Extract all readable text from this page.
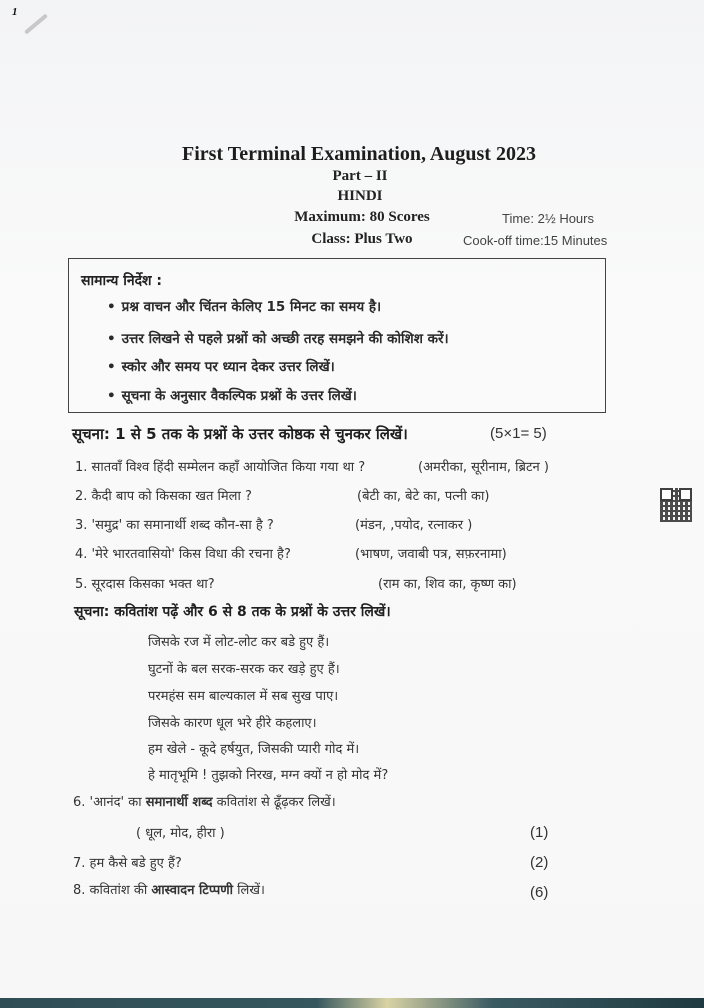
1
First Terminal Examination, August 2023
Part – II
HINDI
Maximum: 80 Scores
Class: Plus Two
Time: 2½ Hours
Cook-off time:15 Minutes
सामान्य निर्देश :
• प्रश्न वाचन और चिंतन केलिए 15 मिनट का समय है।
• उत्तर लिखने से पहले प्रश्नों को अच्छी तरह समझने की कोशिश करें।
• स्कोर और समय पर ध्यान देकर उत्तर लिखें।
• सूचना के अनुसार वैकल्पिक प्रश्नों के उत्तर लिखें।
सूचना: 1 से 5 तक के प्रश्नों के उत्तर कोष्ठक से चुनकर लिखें।	(5×1= 5)
1. सातवाँ विश्व हिंदी सम्मेलन कहाँ आयोजित किया गया था ?	(अमरीका, सूरीनाम, ब्रिटन )
2. कैदी बाप को किसका खत मिला ?	(बेटी का, बेटे का, पत्नी का)
3. 'समुद्र' का समानार्थी शब्द कौन-सा है ?	(मंडन, ,पयोद, रत्नाकर )
4. 'मेरे भारतवासियो' किस विधा की रचना है?	(भाषण, जवाबी पत्र, सफ़रनामा)
5. सूरदास किसका भक्त था?	(राम का, शिव का, कृष्ण का)
सूचना: कवितांश पढ़ें और 6 से 8 तक के प्रश्नों के उत्तर लिखें।
जिसके रज में लोट-लोट कर बडे हुए हैं।
घुटनों के बल सरक-सरक कर खड़े हुए हैं।
परमहंस सम बाल्यकाल में सब सुख पाए।
जिसके कारण धूल भरे हीरे कहलाए।
हम खेले - कूदे हर्षयुत, जिसकी प्यारी गोद में।
हे मातृभूमि ! तुझको निरख, मग्न क्यों न हो मोद में?
6. 'आनंद' का समानार्थी शब्द कवितांश से ढूँढ़कर लिखें।
( धूल, मोद, हीरा )	(1)
7. हम कैसे बडे हुए हैं?	(2)
8. कवितांश की आस्वादन टिप्पणी लिखें।	(6)
